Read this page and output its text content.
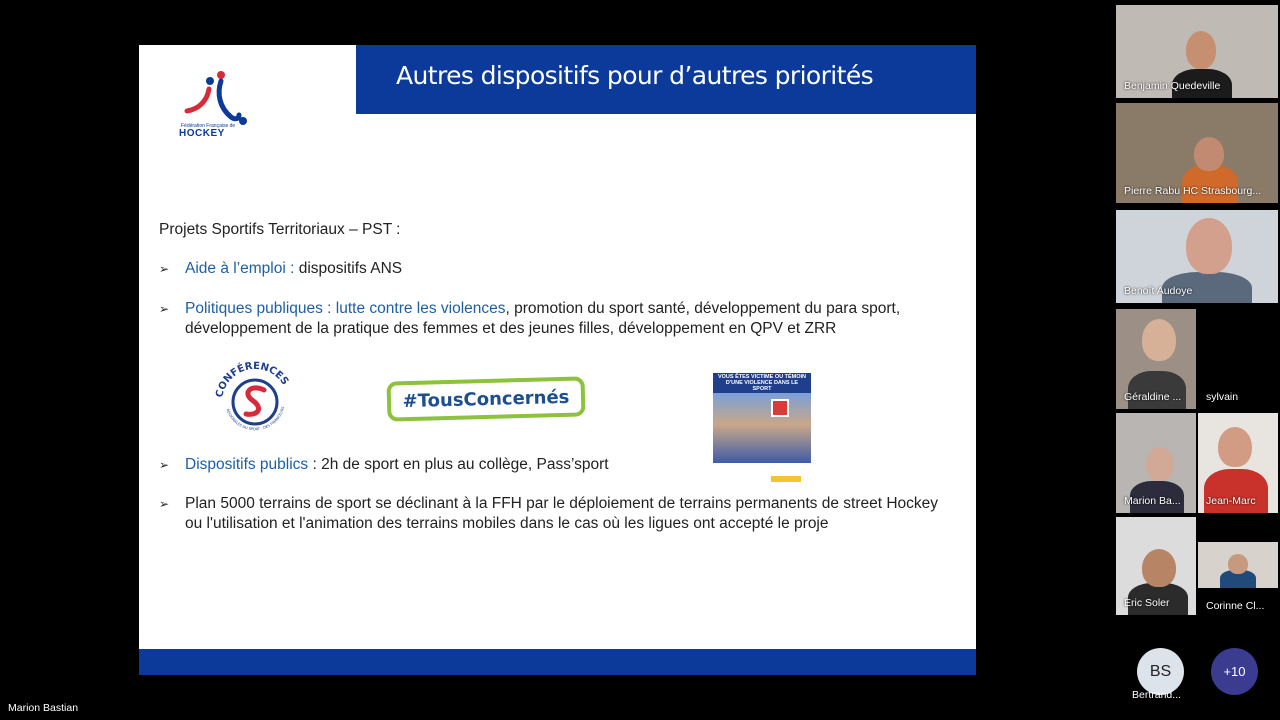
Autres dispositifs pour d’autres priorités
Fédération Française de
HOCKEY
Projets Sportifs Territoriaux – PST :
➢ Aide à l’emploi : dispositifs ANS
➢ Politiques publiques : lutte contre les violences, promotion du sport santé, développement du para sport, développement de la pratique des femmes et des jeunes filles, développement en QPV et ZRR
➢ Dispositifs publics : 2h de sport en plus au collège, Pass’sport
➢ Plan 5000 terrains de sport se déclinant à la FFH par le déploiement de terrains permanents de street Hockey ou l'utilisation et l'animation des terrains mobiles dans le cas où les ligues ont accepté le proje
CONFÉRENCES
RÉGIONALES DU SPORT · DES FINANCEURS	#TousConcernés
VOUS ÊTES VICTIME OU TÉMOIN D'UNE VIOLENCE DANS LE SPORT
Marion Bastian
Benjamin Quedeville
Pierre Rabu HC Strasbourg...
Benoît Audoye
Géraldine ... sylvain
Marion Ba... Jean-Marc
Eric Soler	Corinne Cl...
BS
Bertrand...
+10
